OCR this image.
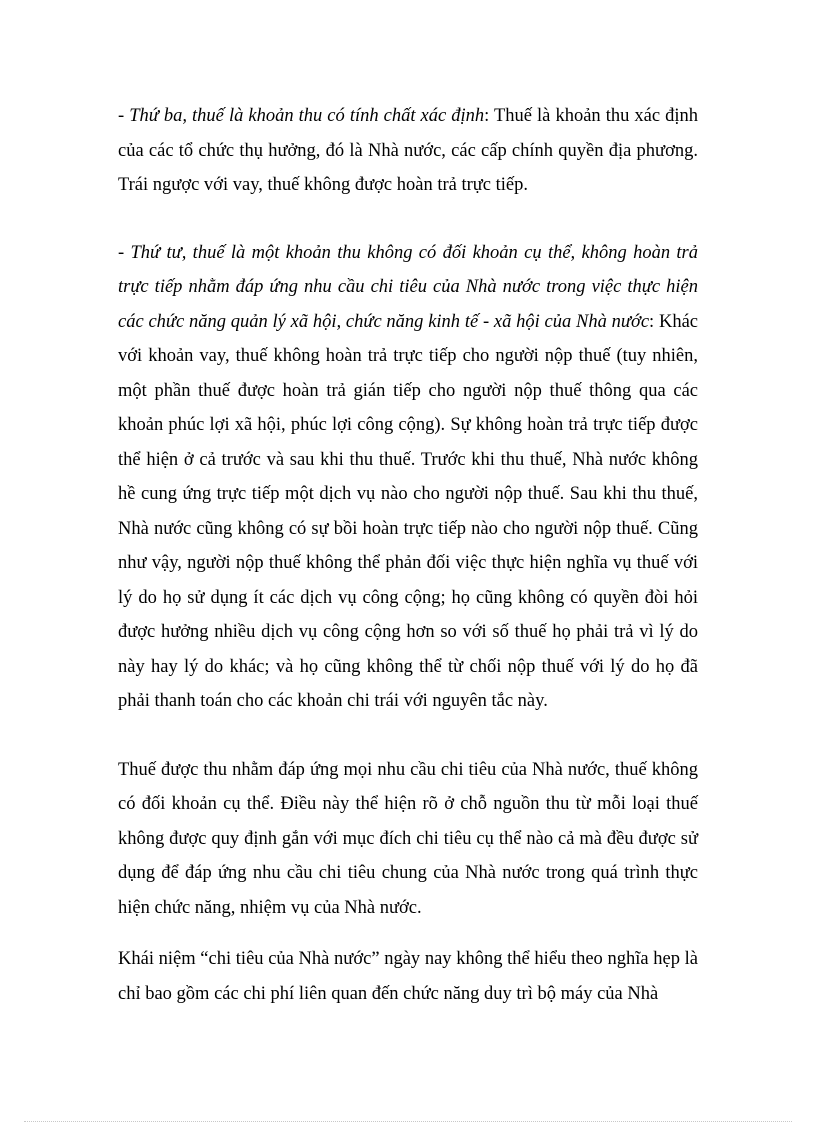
- Thứ ba, thuế là khoản thu có tính chất xác định: Thuế là khoản thu xác định của các tổ chức thụ hưởng, đó là Nhà nước, các cấp chính quyền địa phương. Trái ngược với vay, thuế không được hoàn trả trực tiếp.

- Thứ tư, thuế là một khoản thu không có đối khoản cụ thể, không hoàn trả trực tiếp nhằm đáp ứng nhu cầu chi tiêu của Nhà nước trong việc thực hiện các chức năng quản lý xã hội, chức năng kinh tế - xã hội của Nhà nước: Khác với khoản vay, thuế không hoàn trả trực tiếp cho người nộp thuế (tuy nhiên, một phần thuế được hoàn trả gián tiếp cho người nộp thuế thông qua các khoản phúc lợi xã hội, phúc lợi công cộng). Sự không hoàn trả trực tiếp được thể hiện ở cả trước và sau khi thu thuế. Trước khi thu thuế, Nhà nước không hề cung ứng trực tiếp một dịch vụ nào cho người nộp thuế. Sau khi thu thuế, Nhà nước cũng không có sự bồi hoàn trực tiếp nào cho người nộp thuế. Cũng như vậy, người nộp thuế không thể phản đối việc thực hiện nghĩa vụ thuế với lý do họ sử dụng ít các dịch vụ công cộng; họ cũng không có quyền đòi hỏi được hưởng nhiều dịch vụ công cộng hơn so với số thuế họ phải trả vì lý do này hay lý do khác; và họ cũng không thể từ chối nộp thuế với lý do họ đã phải thanh toán cho các khoản chi trái với nguyên tắc này.

Thuế được thu nhằm đáp ứng mọi nhu cầu chi tiêu của Nhà nước, thuế không có đối khoản cụ thể. Điều này thể hiện rõ ở chỗ nguồn thu từ mỗi loại thuế không được quy định gắn với mục đích chi tiêu cụ thể nào cả mà đều được sử dụng để đáp ứng nhu cầu chi tiêu chung của Nhà nước trong quá trình thực hiện chức năng, nhiệm vụ của Nhà nước.

Khái niệm “chi tiêu của Nhà nước” ngày nay không thể hiểu theo nghĩa hẹp là chỉ bao gồm các chi phí liên quan đến chức năng duy trì bộ máy của Nhà
